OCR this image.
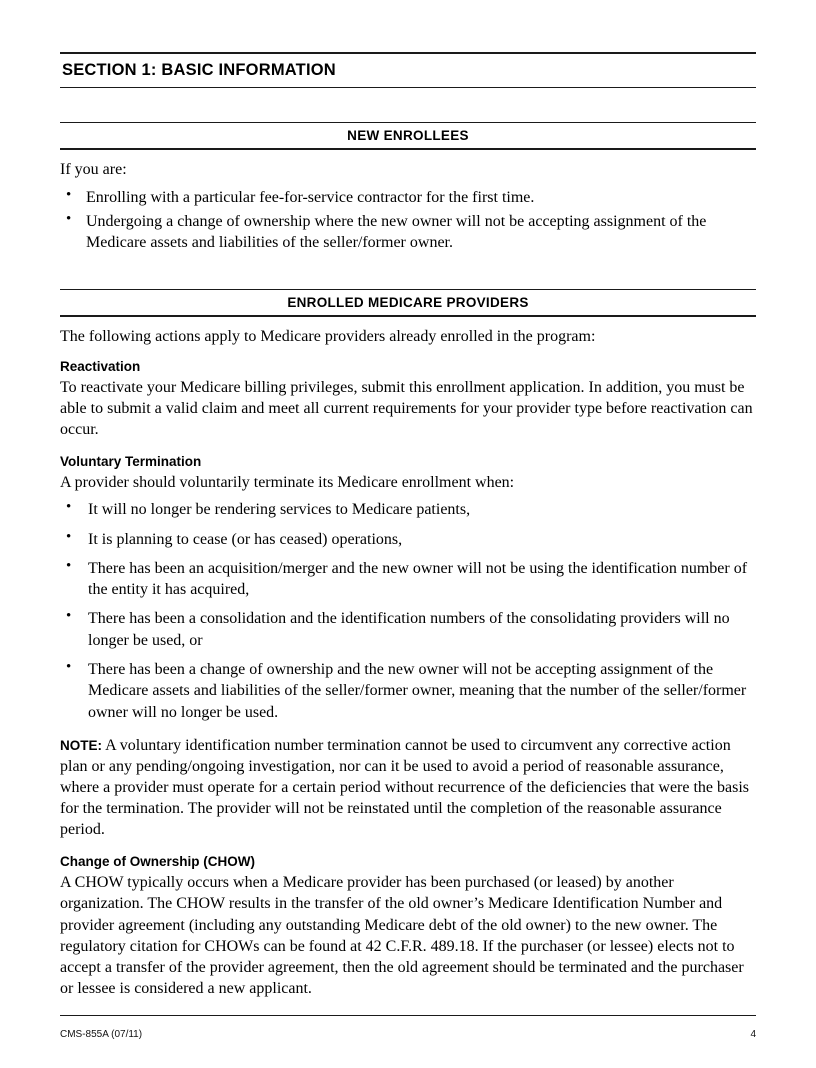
SECTION 1: BASIC INFORMATION
NEW ENROLLEES
If you are:
• Enrolling with a particular fee-for-service contractor for the first time.
• Undergoing a change of ownership where the new owner will not be accepting assignment of the Medicare assets and liabilities of the seller/former owner.
ENROLLED MEDICARE PROVIDERS
The following actions apply to Medicare providers already enrolled in the program:
Reactivation
To reactivate your Medicare billing privileges, submit this enrollment application. In addition, you must be able to submit a valid claim and meet all current requirements for your provider type before reactivation can occur.
Voluntary Termination
A provider should voluntarily terminate its Medicare enrollment when:
• It will no longer be rendering services to Medicare patients,
• It is planning to cease (or has ceased) operations,
• There has been an acquisition/merger and the new owner will not be using the identification number of the entity it has acquired,
• There has been a consolidation and the identification numbers of the consolidating providers will no longer be used, or
• There has been a change of ownership and the new owner will not be accepting assignment of the Medicare assets and liabilities of the seller/former owner, meaning that the number of the seller/former owner will no longer be used.
NOTE: A voluntary identification number termination cannot be used to circumvent any corrective action plan or any pending/ongoing investigation, nor can it be used to avoid a period of reasonable assurance, where a provider must operate for a certain period without recurrence of the deficiencies that were the basis for the termination. The provider will not be reinstated until the completion of the reasonable assurance period.
Change of Ownership (CHOW)
A CHOW typically occurs when a Medicare provider has been purchased (or leased) by another organization. The CHOW results in the transfer of the old owner’s Medicare Identification Number and provider agreement (including any outstanding Medicare debt of the old owner) to the new owner. The regulatory citation for CHOWs can be found at 42 C.F.R. 489.18. If the purchaser (or lessee) elects not to accept a transfer of the provider agreement, then the old agreement should be terminated and the purchaser or lessee is considered a new applicant.
CMS-855A (07/11)	4
